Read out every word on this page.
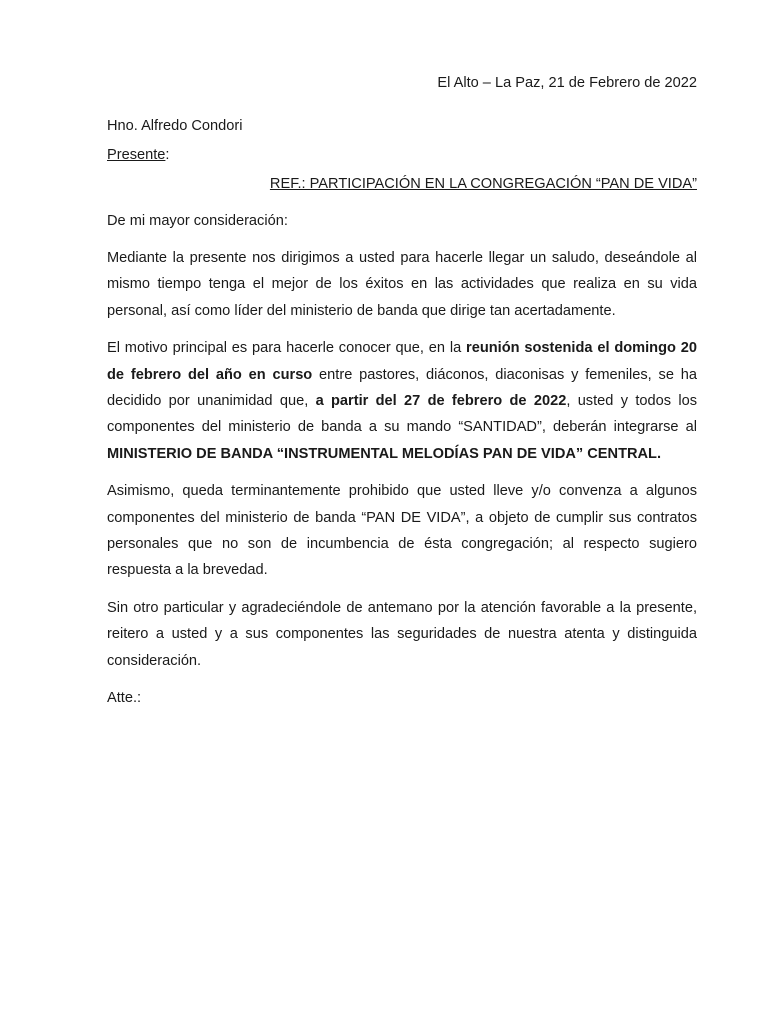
El Alto – La Paz, 21 de Febrero de 2022

Hno. Alfredo Condori

Presente:

REF.: PARTICIPACIÓN EN LA CONGREGACIÓN “PAN DE VIDA”

De mi mayor consideración:

Mediante la presente nos dirigimos a usted para hacerle llegar un saludo, deseándole al mismo tiempo tenga el mejor de los éxitos en las actividades que realiza en su vida personal, así como líder del ministerio de banda que dirige tan acertadamente.

El motivo principal es para hacerle conocer que, en la reunión sostenida el domingo 20 de febrero del año en curso entre pastores, diáconos, diaconisas y femeniles, se ha decidido por unanimidad que, a partir del 27 de febrero de 2022, usted y todos los componentes del ministerio de banda a su mando “SANTIDAD”, deberán integrarse al MINISTERIO DE BANDA “INSTRUMENTAL MELODÍAS PAN DE VIDA” CENTRAL.

Asimismo, queda terminantemente prohibido que usted lleve y/o convenza a algunos componentes del ministerio de banda “PAN DE VIDA”, a objeto de cumplir sus contratos personales que no son de incumbencia de ésta congregación; al respecto sugiero respuesta a la brevedad.

Sin otro particular y agradeciéndole de antemano por la atención favorable a la presente, reitero a usted y a sus componentes las seguridades de nuestra atenta y distinguida consideración.

Atte.:
